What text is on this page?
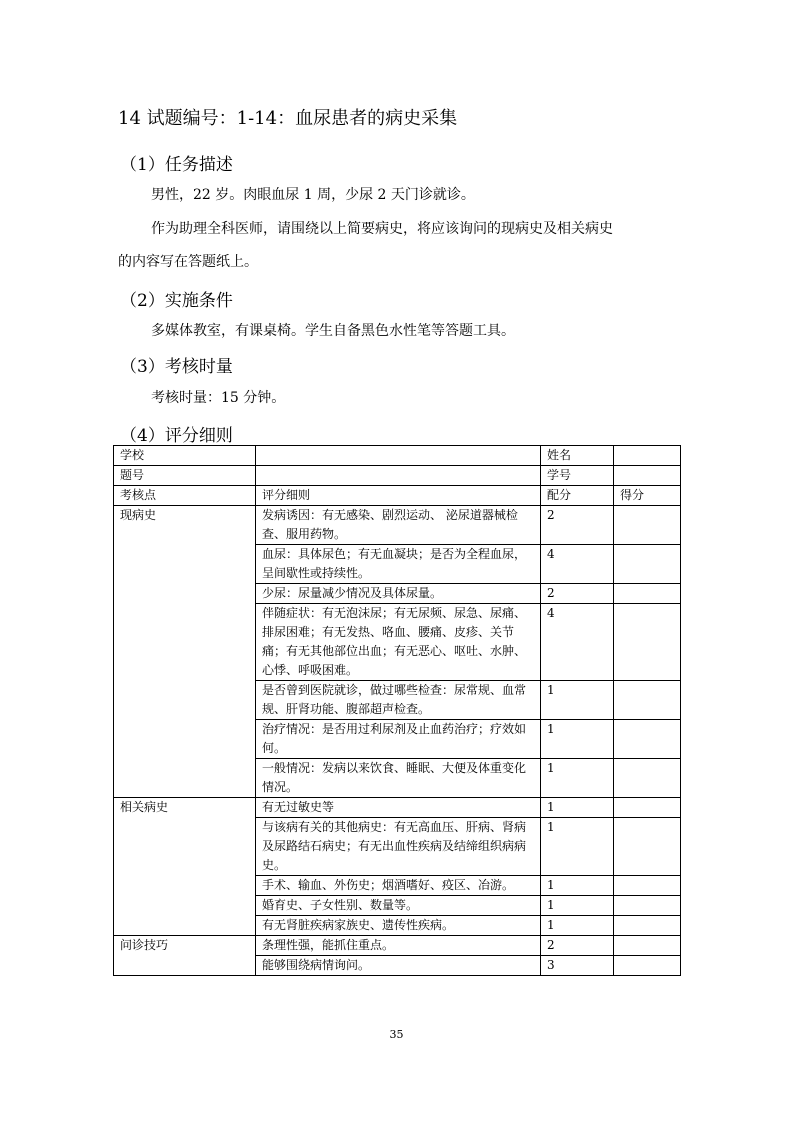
14 试题编号：1-14：血尿患者的病史采集
（1）任务描述
男性，22 岁。肉眼血尿 1 周，少尿 2 天门诊就诊。
作为助理全科医师，请围绕以上简要病史，将应该询问的现病史及相关病史
的内容写在答题纸上。
（2）实施条件
多媒体教室，有课桌椅。学生自备黑色水性笔等答题工具。
（3）考核时量
考核时量：15 分钟。
（4）评分细则
学校		姓名	
题号		学号	
考核点	评分细则	配分	得分
现病史	发病诱因：有无感染、剧烈运动、 泌尿道器械检查、服用药物。	2	
	血尿：具体尿色；有无血凝块；是否为全程血尿，呈间歇性或持续性。	4	
	少尿：尿量减少情况及具体尿量。	2	
	伴随症状：有无泡沫尿；有无尿频、尿急、尿痛、排尿困难；有无发热、咯血、腰痛、皮疹、关节痛；有无其他部位出血；有无恶心、呕吐、水肿、心悸、呼吸困难。	4	
	是否曾到医院就诊，做过哪些检查：尿常规、血常规、肝肾功能、腹部超声检查。	1	
	治疗情况：是否用过利尿剂及止血药治疗；疗效如何。	1	
	一般情况：发病以来饮食、睡眠、大便及体重变化情况。	1	
相关病史	有无过敏史等	1	
	与该病有关的其他病史：有无高血压、肝病、肾病及尿路结石病史；有无出血性疾病及结缔组织病病史。	1	
	手术、输血、外伤史；烟酒嗜好、疫区、冶游。	1	
	婚育史、子女性别、数量等。	1	
	有无肾脏疾病家族史、遗传性疾病。	1	
问诊技巧	条理性强，能抓住重点。	2	
	能够围绕病情询问。	3	
35
